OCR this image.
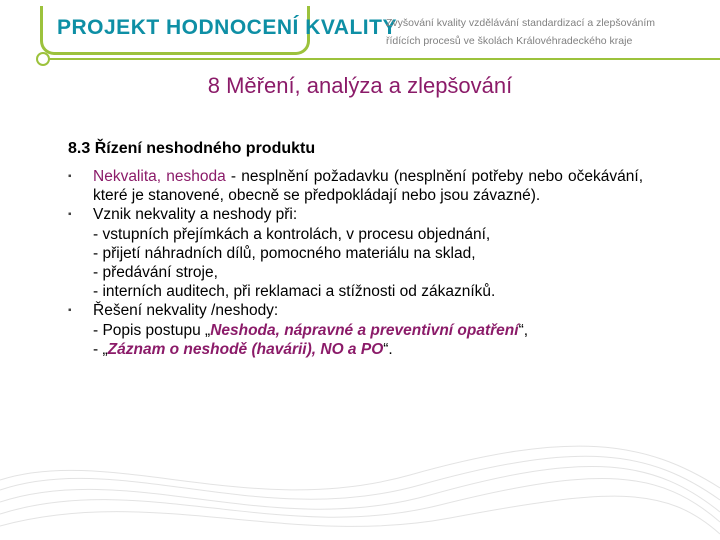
PROJEKT HODNOCENÍ KVALITY
Zvyšování kvality vzdělávání standardizací a zlepšováním
řídících procesů ve školách Královéhradeckého kraje
8 Měření, analýza a zlepšování
8.3 Řízení neshodného produktu
▪ Nekvalita, neshoda - nesplnění požadavku (nesplnění potřeby nebo očekávání, které je stanovené, obecně se předpokládají nebo jsou závazné).
▪ Vznik nekvality a neshody při:
- vstupních přejímkách a kontrolách, v procesu objednání,
- přijetí náhradních dílů, pomocného materiálu na sklad,
- předávání stroje,
- interních auditech, při reklamaci a stížnosti od zákazníků.
▪ Řešení nekvality /neshody:
- Popis postupu „Neshoda, nápravné a preventivní opatření“,
- „Záznam o neshodě (havárii), NO a PO“.
